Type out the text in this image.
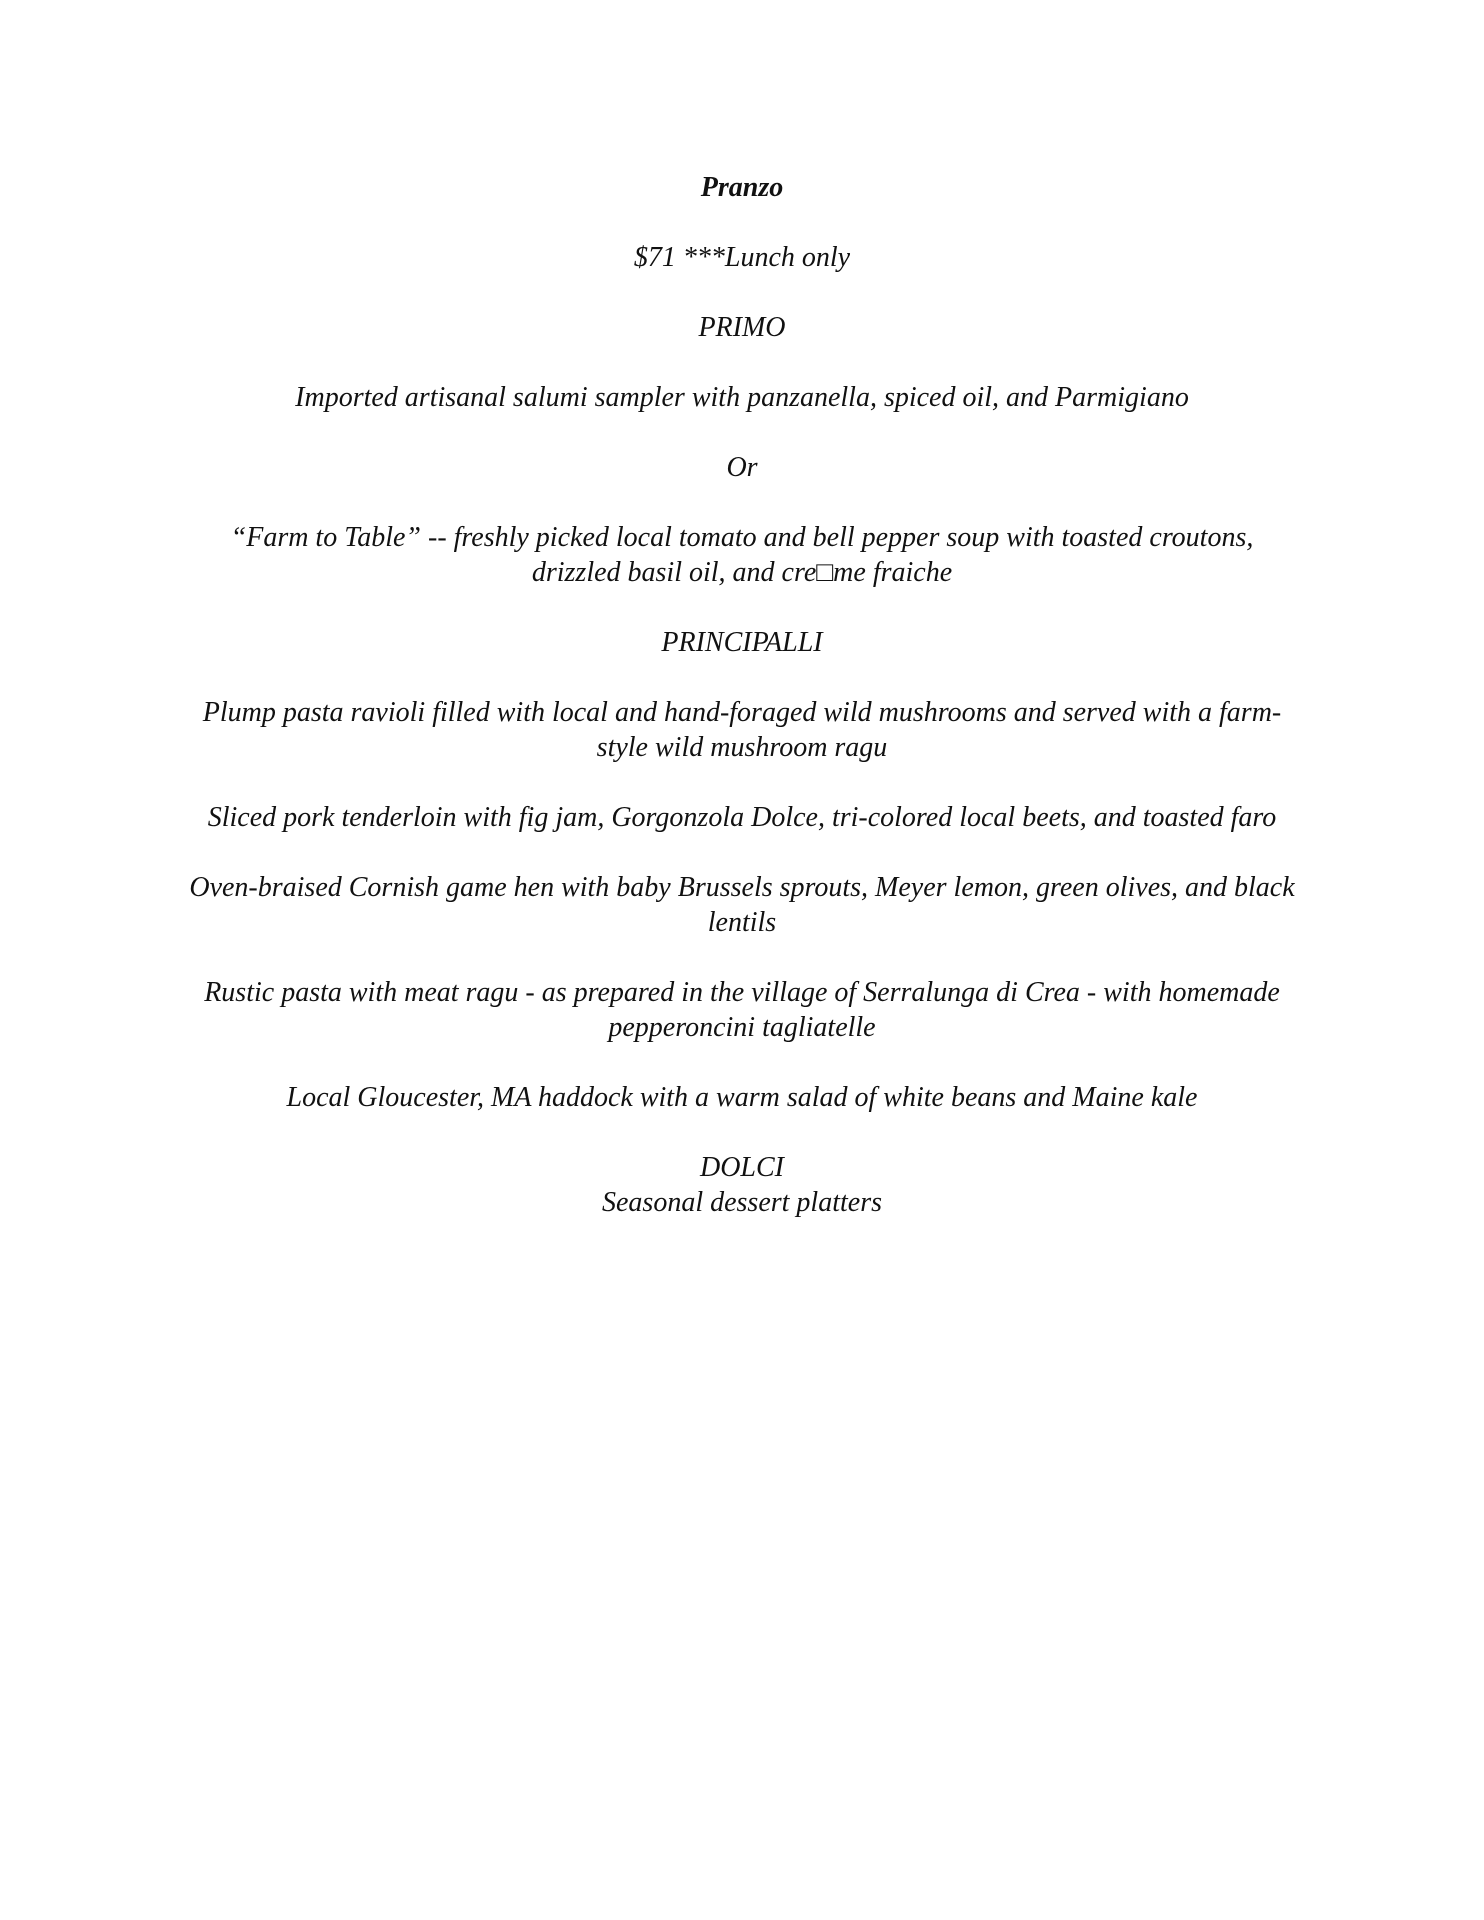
Pranzo
$71 ***Lunch only
PRIMO
Imported artisanal salumi sampler with panzanella, spiced oil, and Parmigiano
Or
“Farm to Table” -- freshly picked local tomato and bell pepper soup with toasted croutons, drizzled basil oil, and cre□me fraiche
PRINCIPALLI
Plump pasta ravioli filled with local and hand-foraged wild mushrooms and served with a farm-style wild mushroom ragu
Sliced pork tenderloin with fig jam, Gorgonzola Dolce, tri-colored local beets, and toasted faro
Oven-braised Cornish game hen with baby Brussels sprouts, Meyer lemon, green olives, and black lentils
Rustic pasta with meat ragu - as prepared in the village of Serralunga di Crea - with homemade pepperoncini tagliatelle
Local Gloucester, MA haddock with a warm salad of white beans and Maine kale
DOLCI
Seasonal dessert platters
